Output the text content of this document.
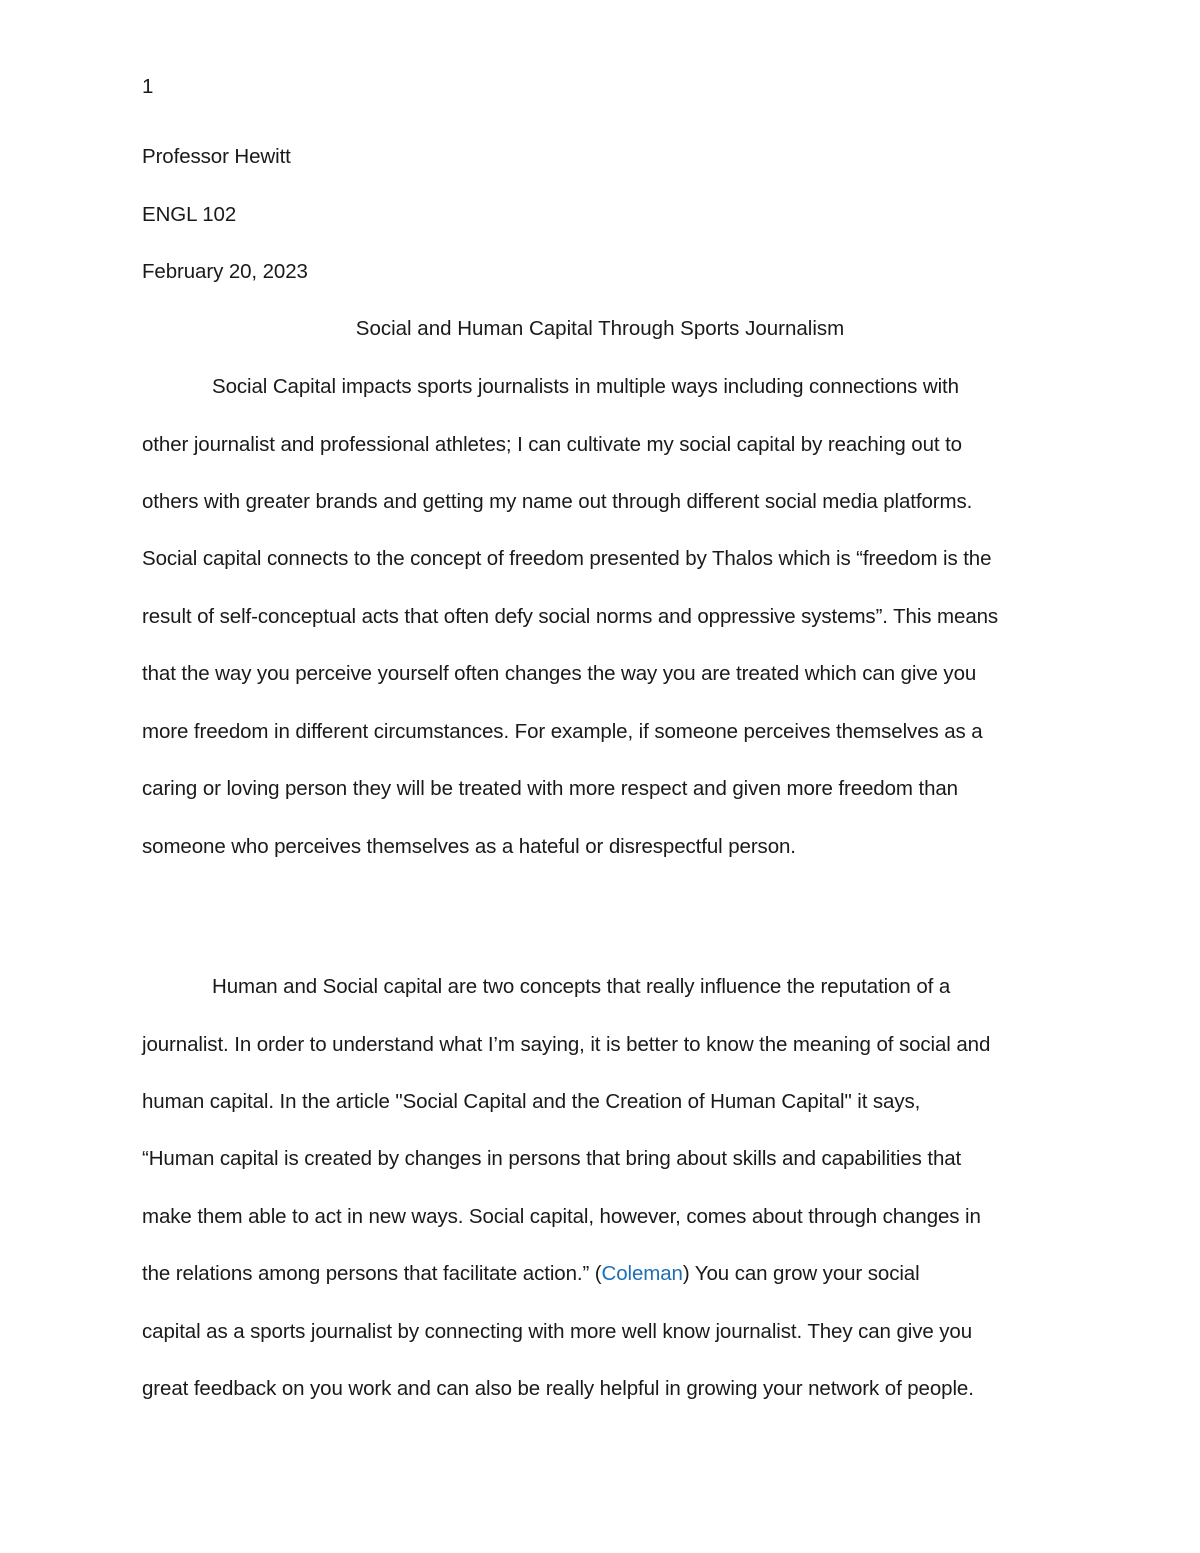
1
Professor Hewitt
ENGL 102
February 20, 2023
Social and Human Capital Through Sports Journalism
Social Capital impacts sports journalists in multiple ways including connections with
other journalist and professional athletes; I can cultivate my social capital by reaching out to
others with greater brands and getting my name out through different social media platforms.
Social capital connects to the concept of freedom presented by Thalos which is “freedom is the
result of self-conceptual acts that often defy social norms and oppressive systems”. This means
that the way you perceive yourself often changes the way you are treated which can give you
more freedom in different circumstances. For example, if someone perceives themselves as a
caring or loving person they will be treated with more respect and given more freedom than
someone who perceives themselves as a hateful or disrespectful person.
Human and Social capital are two concepts that really influence the reputation of a
journalist. In order to understand what I’m saying, it is better to know the meaning of social and
human capital. In the article "Social Capital and the Creation of Human Capital" it says,
“Human capital is created by changes in persons that bring about skills and capabilities that
make them able to act in new ways. Social capital, however, comes about through changes in
the relations among persons that facilitate action.” (Coleman) You can grow your social
capital as a sports journalist by connecting with more well know journalist. They can give you
great feedback on you work and can also be really helpful in growing your network of people.
